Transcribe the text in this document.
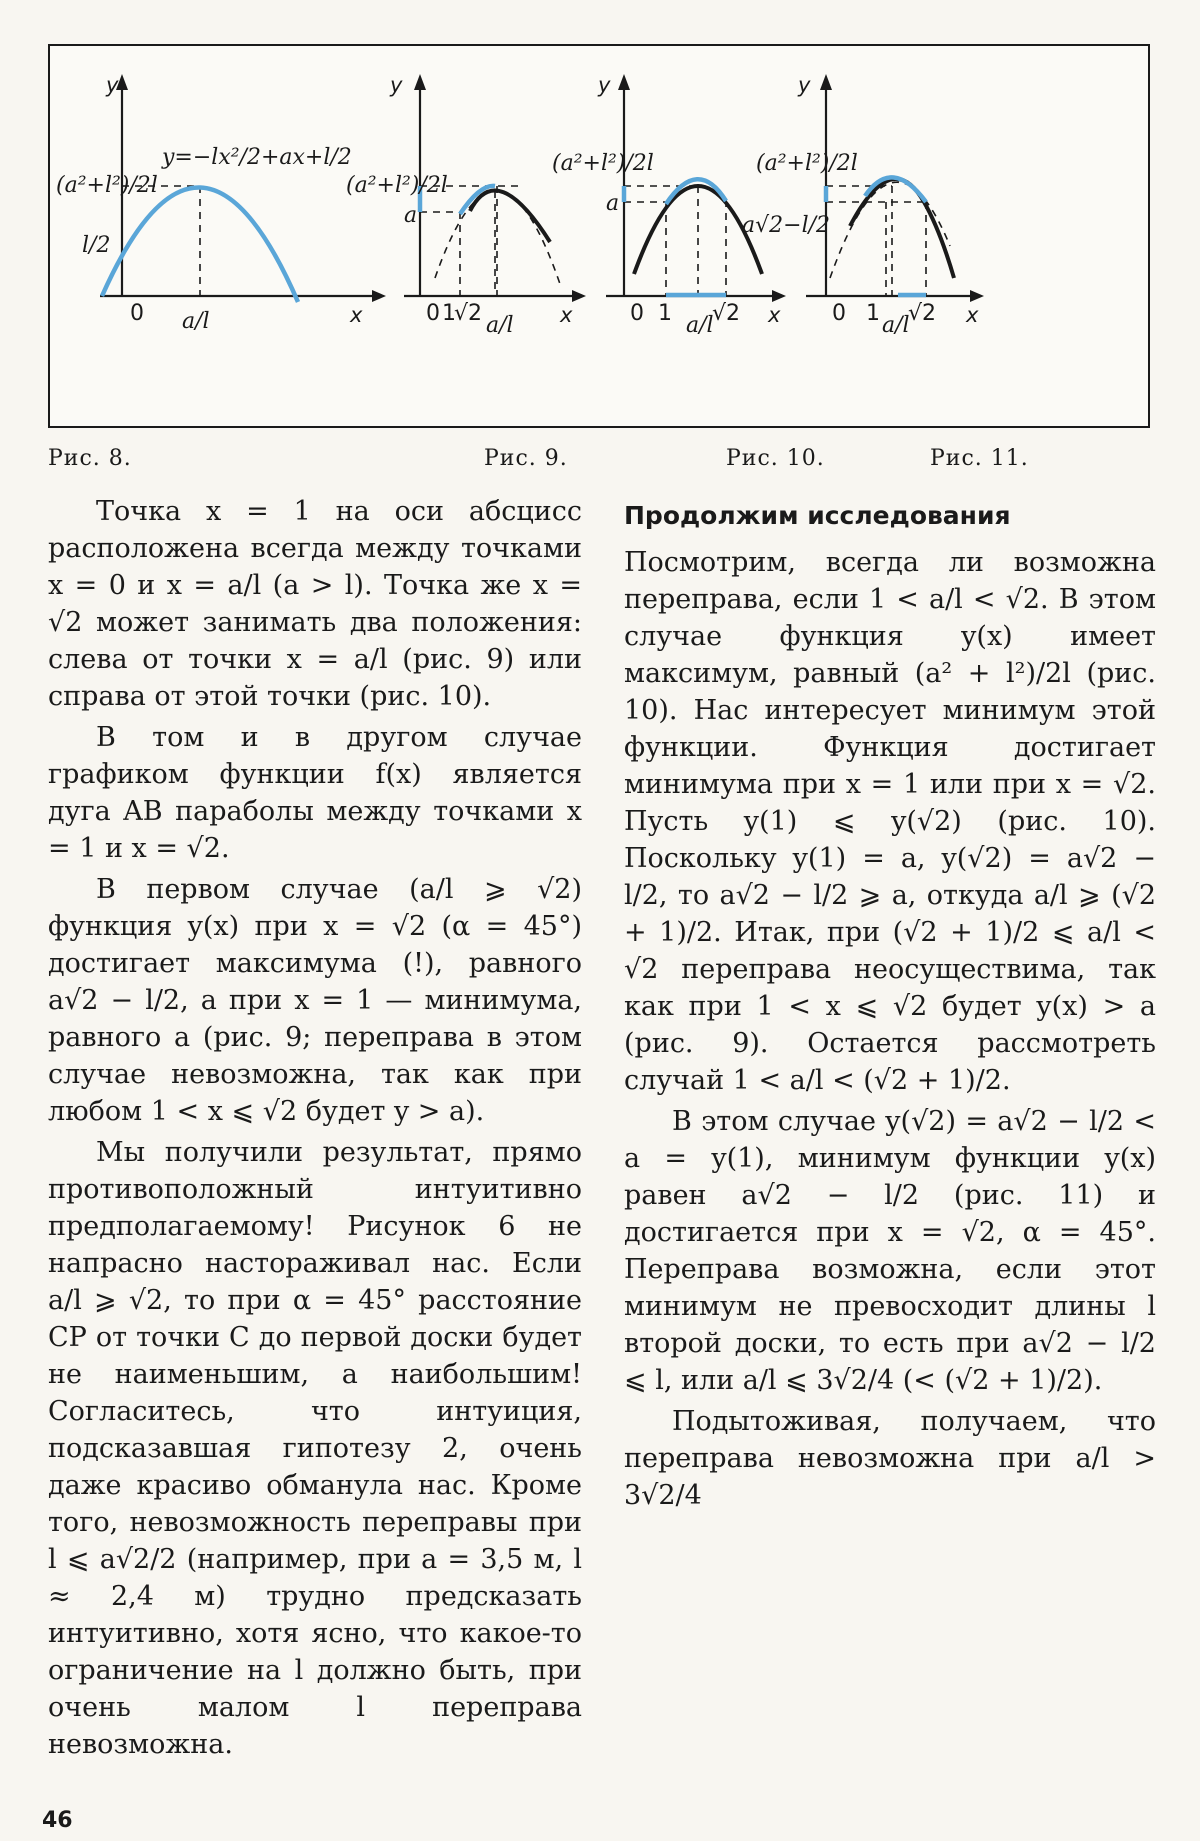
y
x
0
y=−lx²/2+ax+l/2
(a²+l²)/2l
l/2
a/l
y
x
0
(a²+l²)/2l
a
1
√2 a/l
y
x
0
(a²+l²)/2l
a
1 a/l
√2
y
x
0
(a²+l²)/2l
a√2−l/2
1 a/l
√2
Рис. 8.	Рис. 9.	Рис. 10.	Рис. 11.

Точка x = 1 на оси абсцисс расположена всегда между точками x = 0 и x = a/l (a > l). Точка же x = √2 может занимать два положения: слева от точки x = a/l (рис. 9) или справа от этой точки (рис. 10).

В том и в другом случае графиком функции f(x) является дуга AB параболы между точками x = 1 и x = √2.

В первом случае (a/l ⩾ √2) функция y(x) при x = √2 (α = 45°) достигает максимума (!), равного a√2 − l/2, а при x = 1 — минимума, равного a (рис. 9; переправа в этом случае невозможна, так как при любом 1 < x ⩽ √2 будет y > a).

Мы получили результат, прямо противоположный интуитивно предполагаемому! Рисунок 6 не напрасно настораживал нас. Если a/l ⩾ √2, то при α = 45° расстояние CP от точки C до первой доски будет не наименьшим, а наибольшим! Согласитесь, что интуиция, подсказавшая гипотезу 2, очень даже красиво обманула нас. Кроме того, невозможность переправы при l ⩽ a√2/2 (например, при a = 3,5 м, l ≈ 2,4 м) трудно предсказать интуитивно, хотя ясно, что какое-то ограничение на l должно быть, при очень малом l переправа невозможна.

Продолжим исследования

Посмотрим, всегда ли возможна переправа, если 1 < a/l < √2. В этом случае функция y(x) имеет максимум, равный (a² + l²)/2l (рис. 10). Нас интересует минимум этой функции. Функция достигает минимума при x = 1 или при x = √2. Пусть y(1) ⩽ y(√2) (рис. 10). Поскольку y(1) = a, y(√2) = a√2 − l/2, то a√2 − l/2 ⩾ a, откуда a/l ⩾ (√2 + 1)/2. Итак, при (√2 + 1)/2 ⩽ a/l < √2 переправа неосуществима, так как при 1 < x ⩽ √2 будет y(x) > a (рис. 9). Остается рассмотреть случай 1 < a/l < (√2 + 1)/2.

В этом случае y(√2) = a√2 − l/2 < a = y(1), минимум функции y(x) равен a√2 − l/2 (рис. 11) и достигается при x = √2, α = 45°. Переправа возможна, если этот минимум не превосходит длины l второй доски, то есть при a√2 − l/2 ⩽ l, или a/l ⩽ 3√2/4 (< (√2 + 1)/2).

Подытоживая, получаем, что переправа невозможна при a/l > 3√2/4

46
